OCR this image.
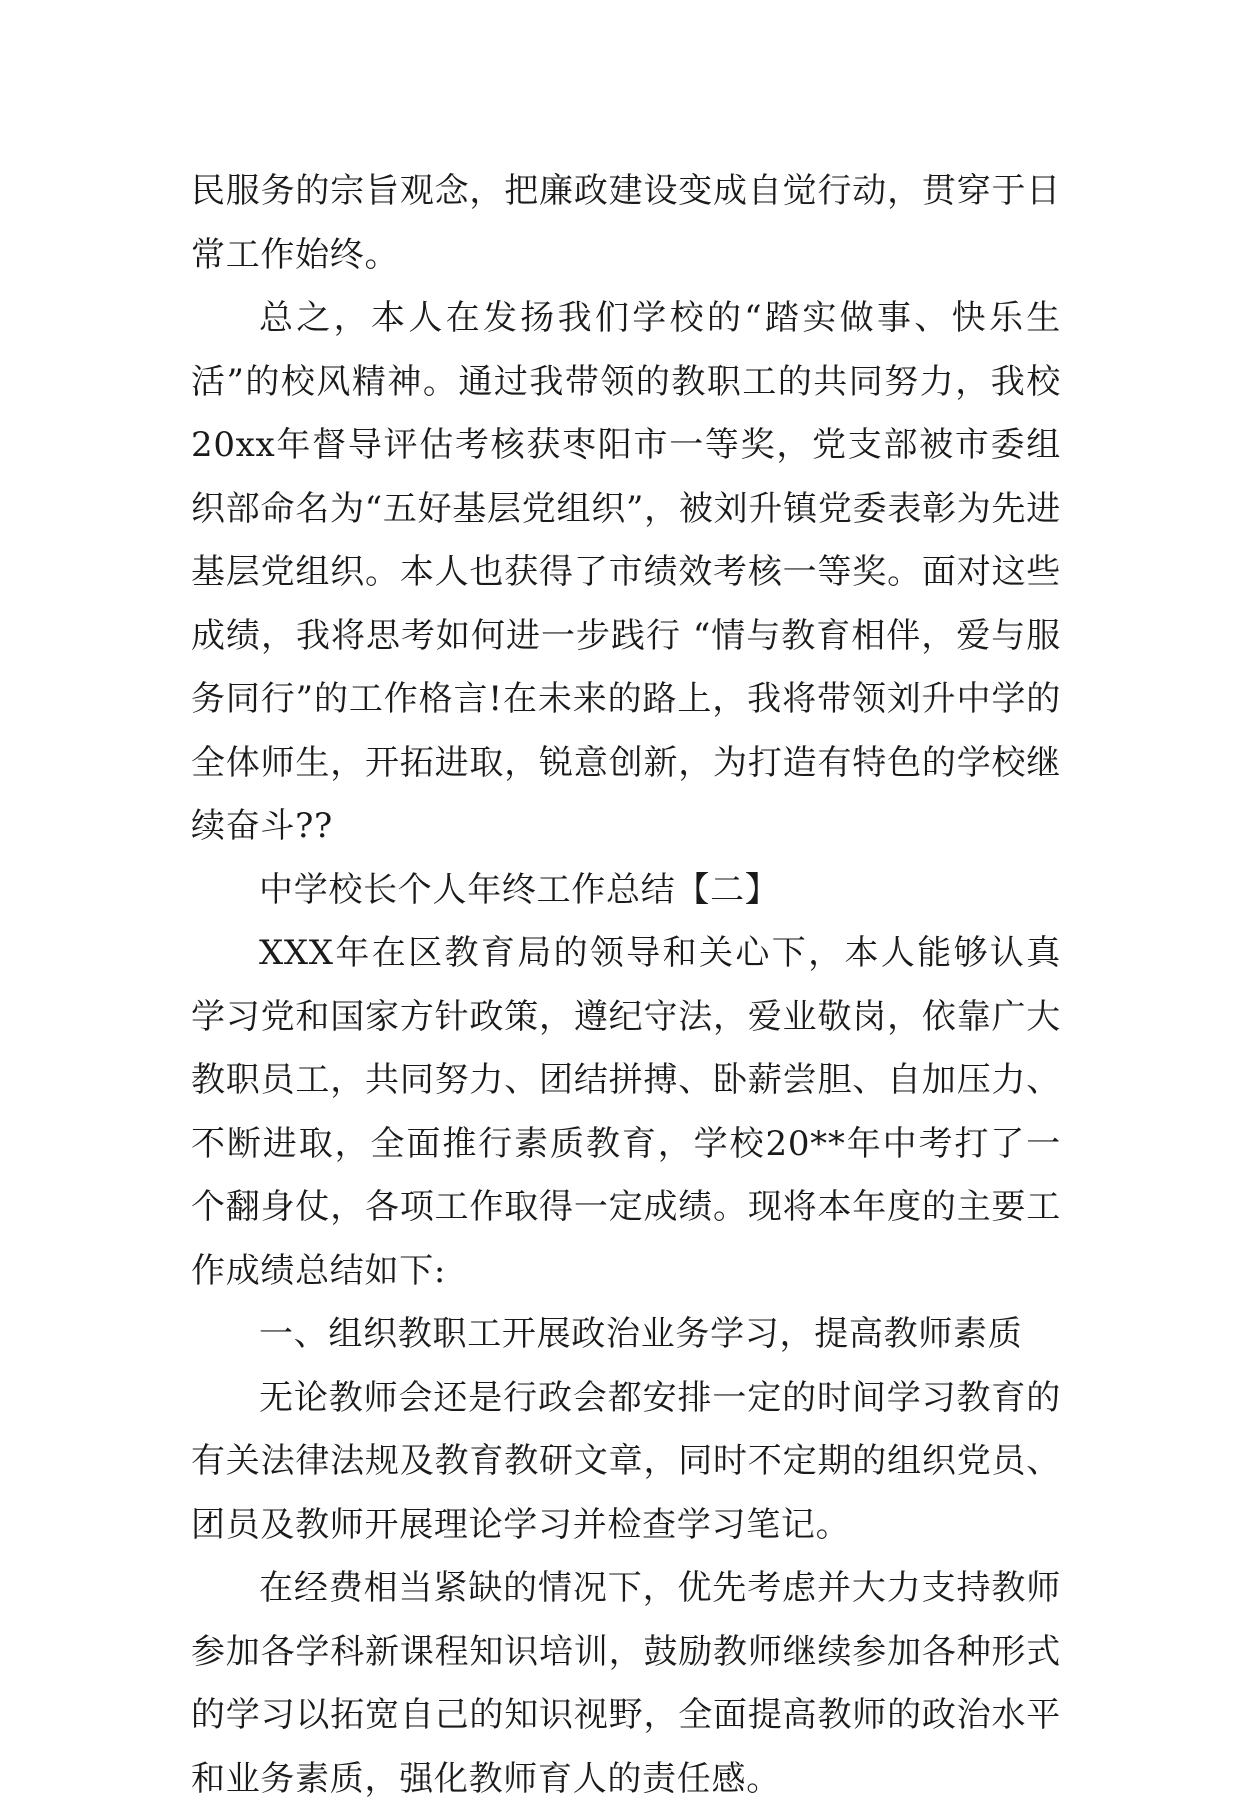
民服务的宗旨观念，把廉政建设变成自觉行动，贯穿于日常工作始终。

总之，本人在发扬我们学校的“踏实做事、快乐生活”的校风精神。通过我带领的教职工的共同努力，我校20xx年督导评估考核获枣阳市一等奖，党支部被市委组织部命名为“五好基层党组织”，被刘升镇党委表彰为先进基层党组织。本人也获得了市绩效考核一等奖。面对这些成绩，我将思考如何进一步践行 “情与教育相伴，爱与服务同行”的工作格言!在未来的路上，我将带领刘升中学的全体师生，开拓进取，锐意创新，为打造有特色的学校继续奋斗??

中学校长个人年终工作总结【二】

XXX年在区教育局的领导和关心下，本人能够认真学习党和国家方针政策，遵纪守法，爱业敬岗，依靠广大教职员工，共同努力、团结拼搏、卧薪尝胆、自加压力、不断进取，全面推行素质教育，学校20**年中考打了一个翻身仗，各项工作取得一定成绩。现将本年度的主要工作成绩总结如下:

一、组织教职工开展政治业务学习，提高教师素质

无论教师会还是行政会都安排一定的时间学习教育的有关法律法规及教育教研文章，同时不定期的组织党员、团员及教师开展理论学习并检查学习笔记。

在经费相当紧缺的情况下，优先考虑并大力支持教师参加各学科新课程知识培训，鼓励教师继续参加各种形式的学习以拓宽自己的知识视野，全面提高教师的政治水平和业务素质，强化教师育人的责任感。
